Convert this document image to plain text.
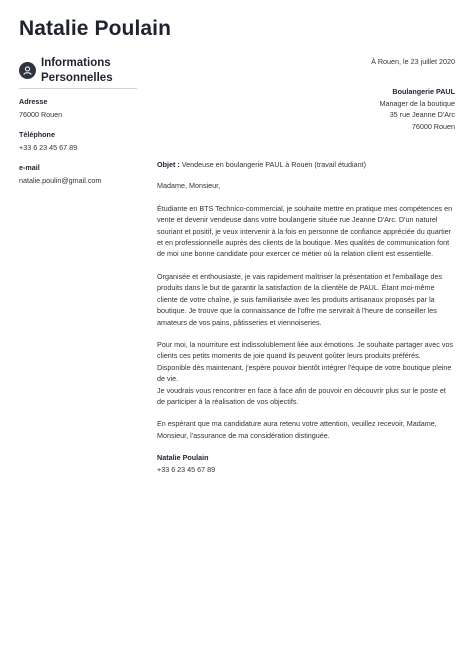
Natalie Poulain
Informations
Personnelles
Adresse
76000 Rouen
Téléphone
+33 6 23 45 67 89
e-mail
natalie.poulin@gmail.com
À Rouen, le 23 juillet 2020
Boulangerie PAUL
Manager de la boutique
35 rue Jeanne D'Arc
76000 Rouen
Objet : Vendeuse en boulangerie PAUL à Rouen (travail étudiant)
Madame, Monsieur,
Étudiante en BTS Technico-commercial, je souhaite mettre en pratique mes compétences en vente et devenir vendeuse dans votre boulangerie située rue Jeanne D'Arc. D'un naturel souriant et positif, je veux intervenir à la fois en personne de confiance appréciée du quartier et en professionnelle auprès des clients de la boutique. Mes qualités de communication font de moi une bonne candidate pour exercer ce métier où la relation client est essentielle.
Organisée et enthousiaste, je vais rapidement maîtriser la présentation et l'emballage des produits dans le but de garantir la satisfaction de la clientèle de PAUL. Étant moi-même cliente de votre chaîne, je suis familiarisée avec les produits artisanaux proposés par la boutique. Je trouve que la connaissance de l'offre me servirait à l'heure de conseiller les amateurs de vos pains, pâtisseries et viennoiseries.
Pour moi, la nourriture est indissolublement liée aux émotions. Je souhaite partager avec vos clients ces petits moments de joie quand ils peuvent goûter leurs produits préférés.
Disponible dès maintenant, j'espère pouvoir bientôt intégrer l'équipe de votre boutique pleine de vie.
Je voudrais vous rencontrer en face à face afin de pouvoir en découvrir plus sur le poste et de participer à la réalisation de vos objectifs.
En espérant que ma candidature aura retenu votre attention, veuillez recevoir, Madame, Monsieur, l'assurance de ma considération distinguée.
Natalie Poulain
+33 6 23 45 67 89
